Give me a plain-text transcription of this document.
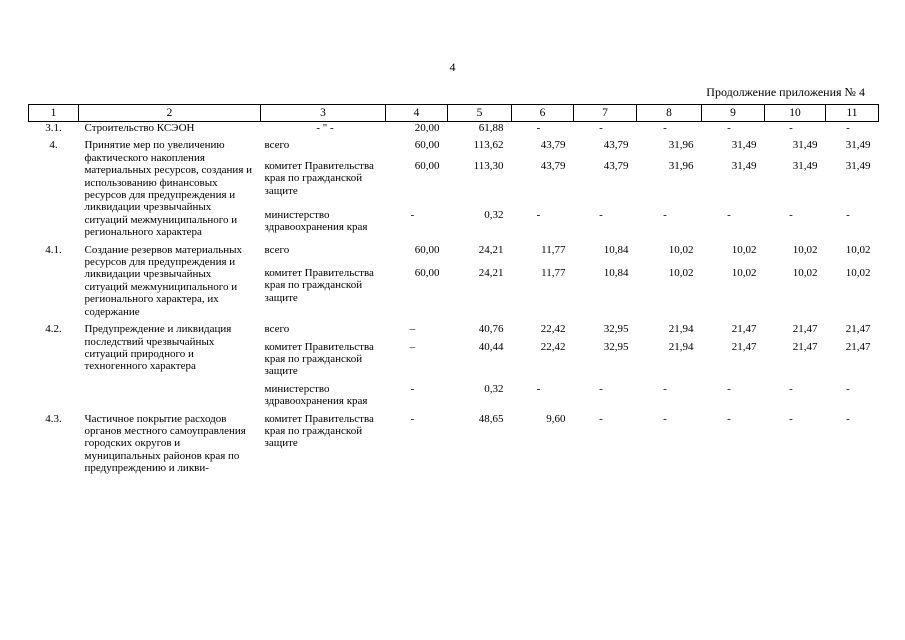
4
Продолжение приложения № 4
1	2	3	4	5	6	7	8	9	10	11
3.1.	Строительство КСЭОН	- " -	20,00	61,88	-	-	-	-	-	-
4.	Принятие мер по увеличению фактического накопления материальных ресурсов, создания и использованию финансовых ресурсов для предупреждения и ликвидации чрезвычайных ситуаций межмуниципального и регионального характера	всего	60,00	113,62	43,79	43,79	31,96	31,49	31,49	31,49
		комитет Правительства края по гражданской защите	60,00	113,30	43,79	43,79	31,96	31,49	31,49	31,49
		министерство здравоохранения края	-	0,32	-	-	-	-	-	-
4.1.	Создание резервов материальных ресурсов для предупреждения и ликвидации чрезвычайных ситуаций межмуниципального и регионального характера, их содержание	всего	60,00	24,21	11,77	10,84	10,02	10,02	10,02	10,02
		комитет Правительства края по гражданской защите	60,00	24,21	11,77	10,84	10,02	10,02	10,02	10,02
4.2.	Предупреждение и ликвидация последствий чрезвычайных ситуаций природного и техногенного характера	всего	–	40,76	22,42	32,95	21,94	21,47	21,47	21,47
		комитет Правительства края по гражданской защите	–	40,44	22,42	32,95	21,94	21,47	21,47	21,47
		министерство здравоохранения края	-	0,32	-	-	-	-	-	-
4.3.	Частичное покрытие расходов органов местного самоуправления городских округов и муниципальных районов края по предупреждению и ликви-	комитет Правительства края по гражданской защите	-	48,65	9,60	-	-	-	-	-
